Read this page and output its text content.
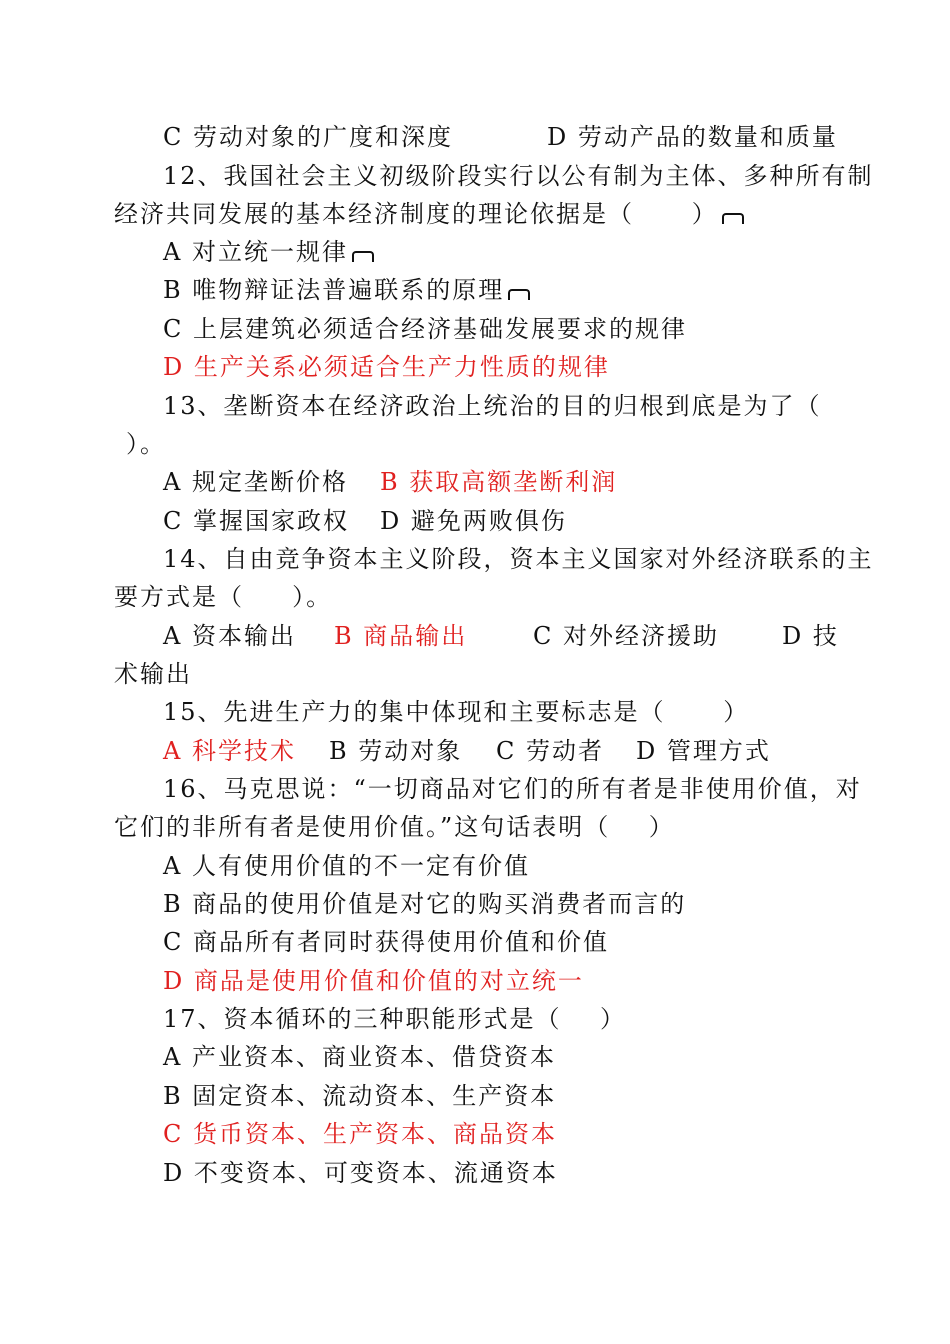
C 劳动对象的广度和深度	D 劳动产品的数量和质量
12、我国社会主义初级阶段实行以公有制为主体、多种所有制
经济共同发展的基本经济制度的理论依据是（      ）
A 对立统一规律
B 唯物辩证法普遍联系的原理
C 上层建筑必须适合经济基础发展要求的规律
D 生产关系必须适合生产力性质的规律
13、垄断资本在经济政治上统治的目的归根到底是为了（
）。
A 规定垄断价格 B 获取高额垄断利润
C 掌握国家政权 D 避免两败俱伤
14、自由竞争资本主义阶段，资本主义国家对外经济联系的主
要方式是（     ）。
A 资本输出 B 商品输出	C 对外经济援助	D 技
术输出
15、先进生产力的集中体现和主要标志是（      ）
A 科学技术 B 劳动对象 C 劳动者 D 管理方式
16、马克思说：“一切商品对它们的所有者是非使用价值，对
它们的非所有者是使用价值。”这句话表明（    ）
A 人有使用价值的不一定有价值
B 商品的使用价值是对它的购买消费者而言的
C 商品所有者同时获得使用价值和价值
D 商品是使用价值和价值的对立统一
17、资本循环的三种职能形式是（    ）
A 产业资本、商业资本、借贷资本
B 固定资本、流动资本、生产资本
C 货币资本、生产资本、商品资本
D 不变资本、可变资本、流通资本
